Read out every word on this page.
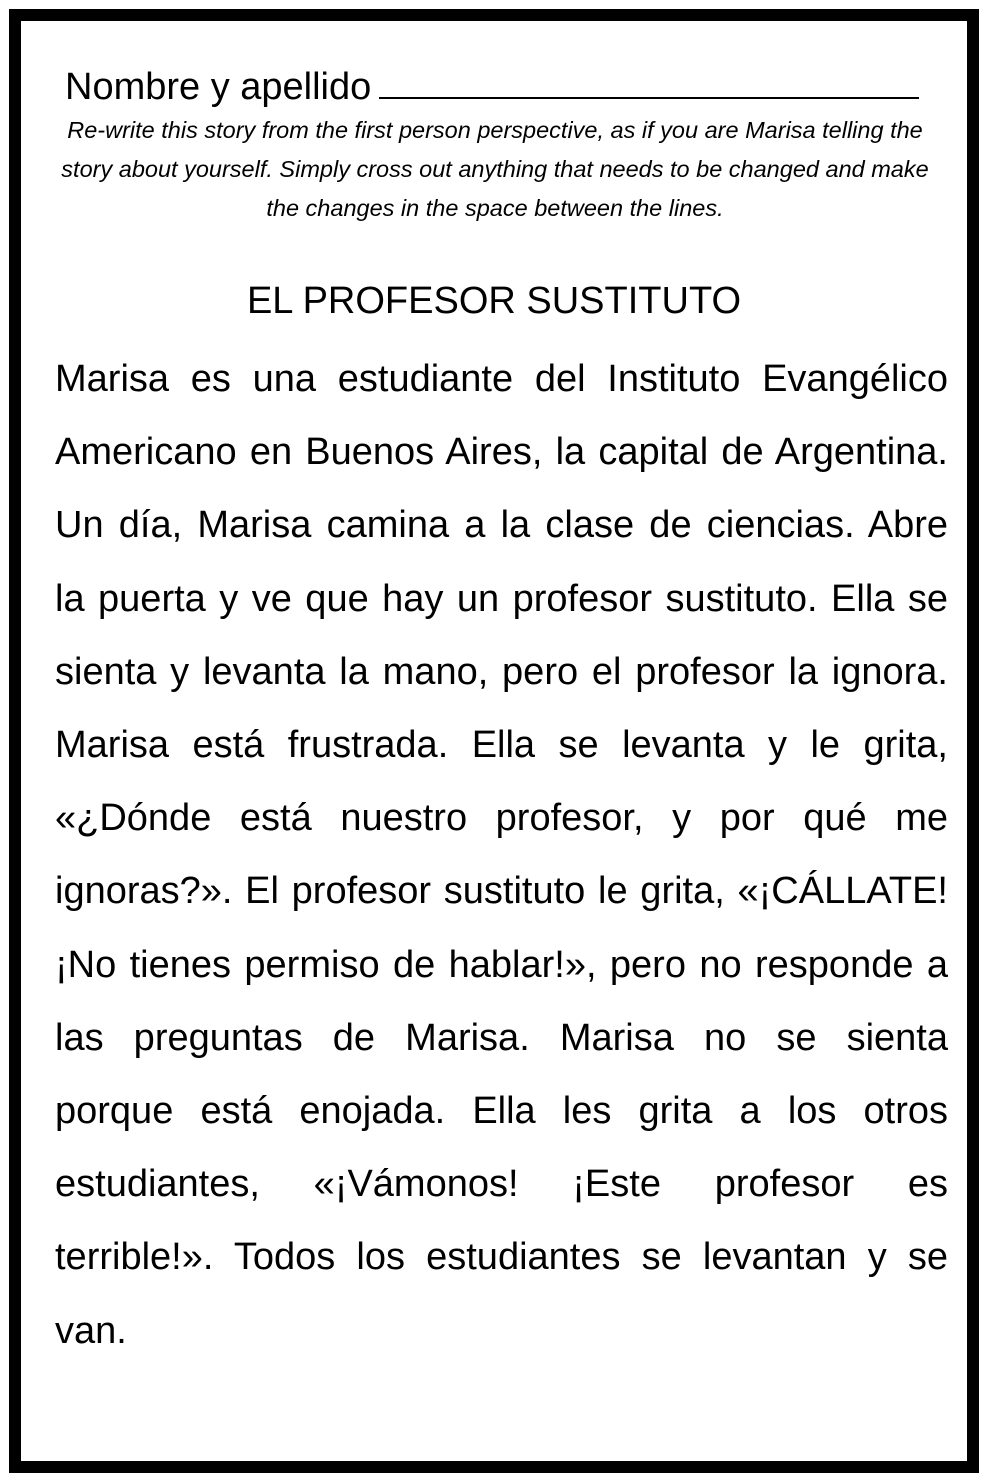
Nombre y apellido
Re-write this story from the first person perspective, as if you are Marisa telling the story about yourself. Simply cross out anything that needs to be changed and make the changes in the space between the lines.
EL PROFESOR SUSTITUTO
Marisa es una estudiante del Instituto Evangélico Americano en Buenos Aires, la capital de Argentina. Un día, Marisa camina a la clase de ciencias. Abre la puerta y ve que hay un profesor sustituto. Ella se sienta y levanta la mano, pero el profesor la ignora. Marisa está frustrada. Ella se levanta y le grita, «¿Dónde está nuestro profesor, y por qué me ignoras?». El profesor sustituto le grita, «¡CÁLLATE! ¡No tienes permiso de hablar!», pero no responde a las preguntas de Marisa. Marisa no se sienta porque está enojada. Ella les grita a los otros estudiantes, «¡Vámonos! ¡Este profesor es terrible!». Todos los estudiantes se levantan y se van.
